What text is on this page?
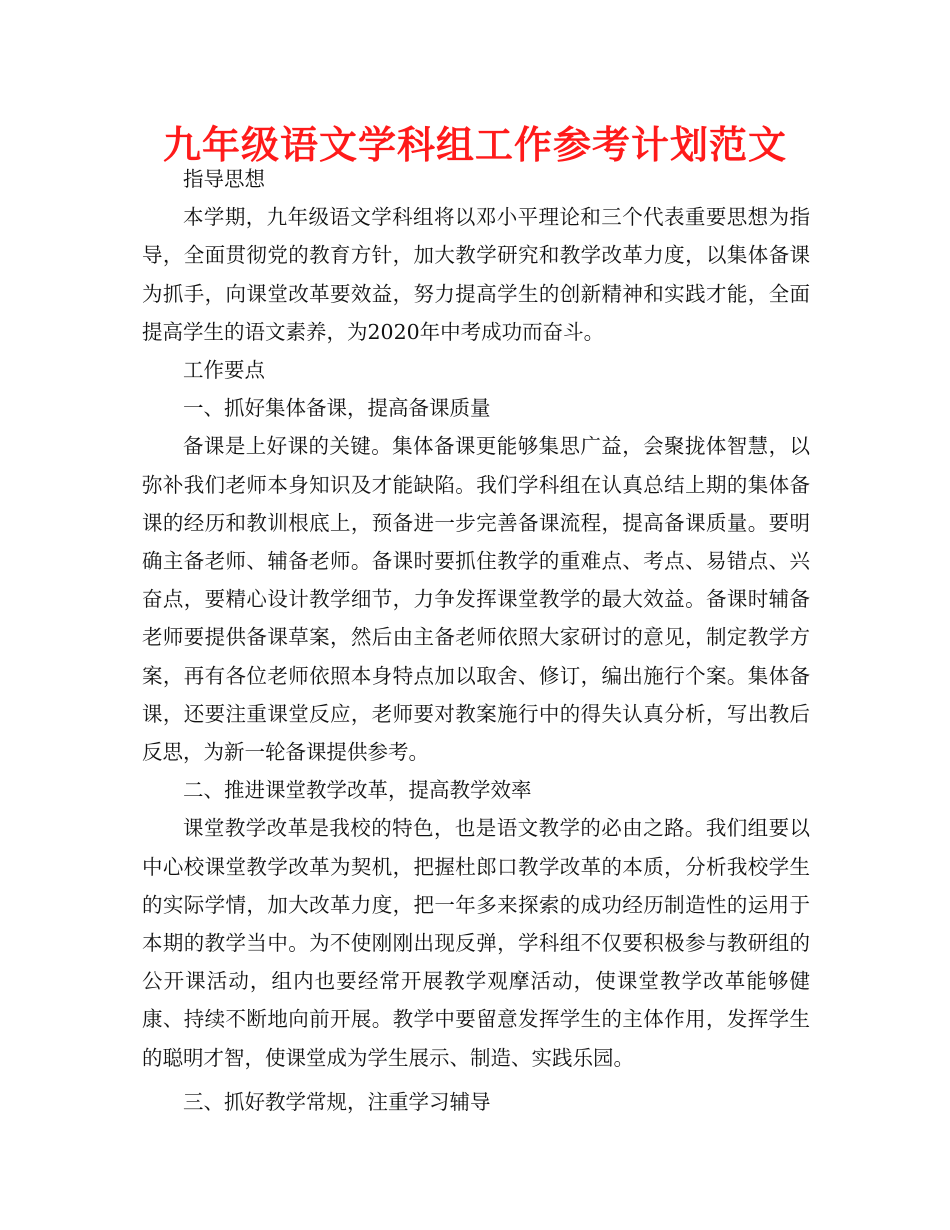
九年级语文学科组工作参考计划范文

指导思想

本学期，九年级语文学科组将以邓小平理论和三个代表重要思想为指导，全面贯彻党的教育方针，加大教学研究和教学改革力度，以集体备课为抓手，向课堂改革要效益，努力提高学生的创新精神和实践才能，全面提高学生的语文素养，为2020年中考成功而奋斗。

工作要点

一、抓好集体备课，提高备课质量

备课是上好课的关键。集体备课更能够集思广益，会聚拢体智慧，以弥补我们老师本身知识及才能缺陷。我们学科组在认真总结上期的集体备课的经历和教训根底上，预备进一步完善备课流程，提高备课质量。要明确主备老师、辅备老师。备课时要抓住教学的重难点、考点、易错点、兴奋点，要精心设计教学细节，力争发挥课堂教学的最大效益。备课时辅备老师要提供备课草案，然后由主备老师依照大家研讨的意见，制定教学方案，再有各位老师依照本身特点加以取舍、修订，编出施行个案。集体备课，还要注重课堂反应，老师要对教案施行中的得失认真分析，写出教后反思，为新一轮备课提供参考。

二、推进课堂教学改革，提高教学效率

课堂教学改革是我校的特色，也是语文教学的必由之路。我们组要以中心校课堂教学改革为契机，把握杜郎口教学改革的本质，分析我校学生的实际学情，加大改革力度，把一年多来探索的成功经历制造性的运用于本期的教学当中。为不使刚刚出现反弹，学科组不仅要积极参与教研组的公开课活动，组内也要经常开展教学观摩活动，使课堂教学改革能够健康、持续不断地向前开展。教学中要留意发挥学生的主体作用，发挥学生的聪明才智，使课堂成为学生展示、制造、实践乐园。

三、抓好教学常规，注重学习辅导
